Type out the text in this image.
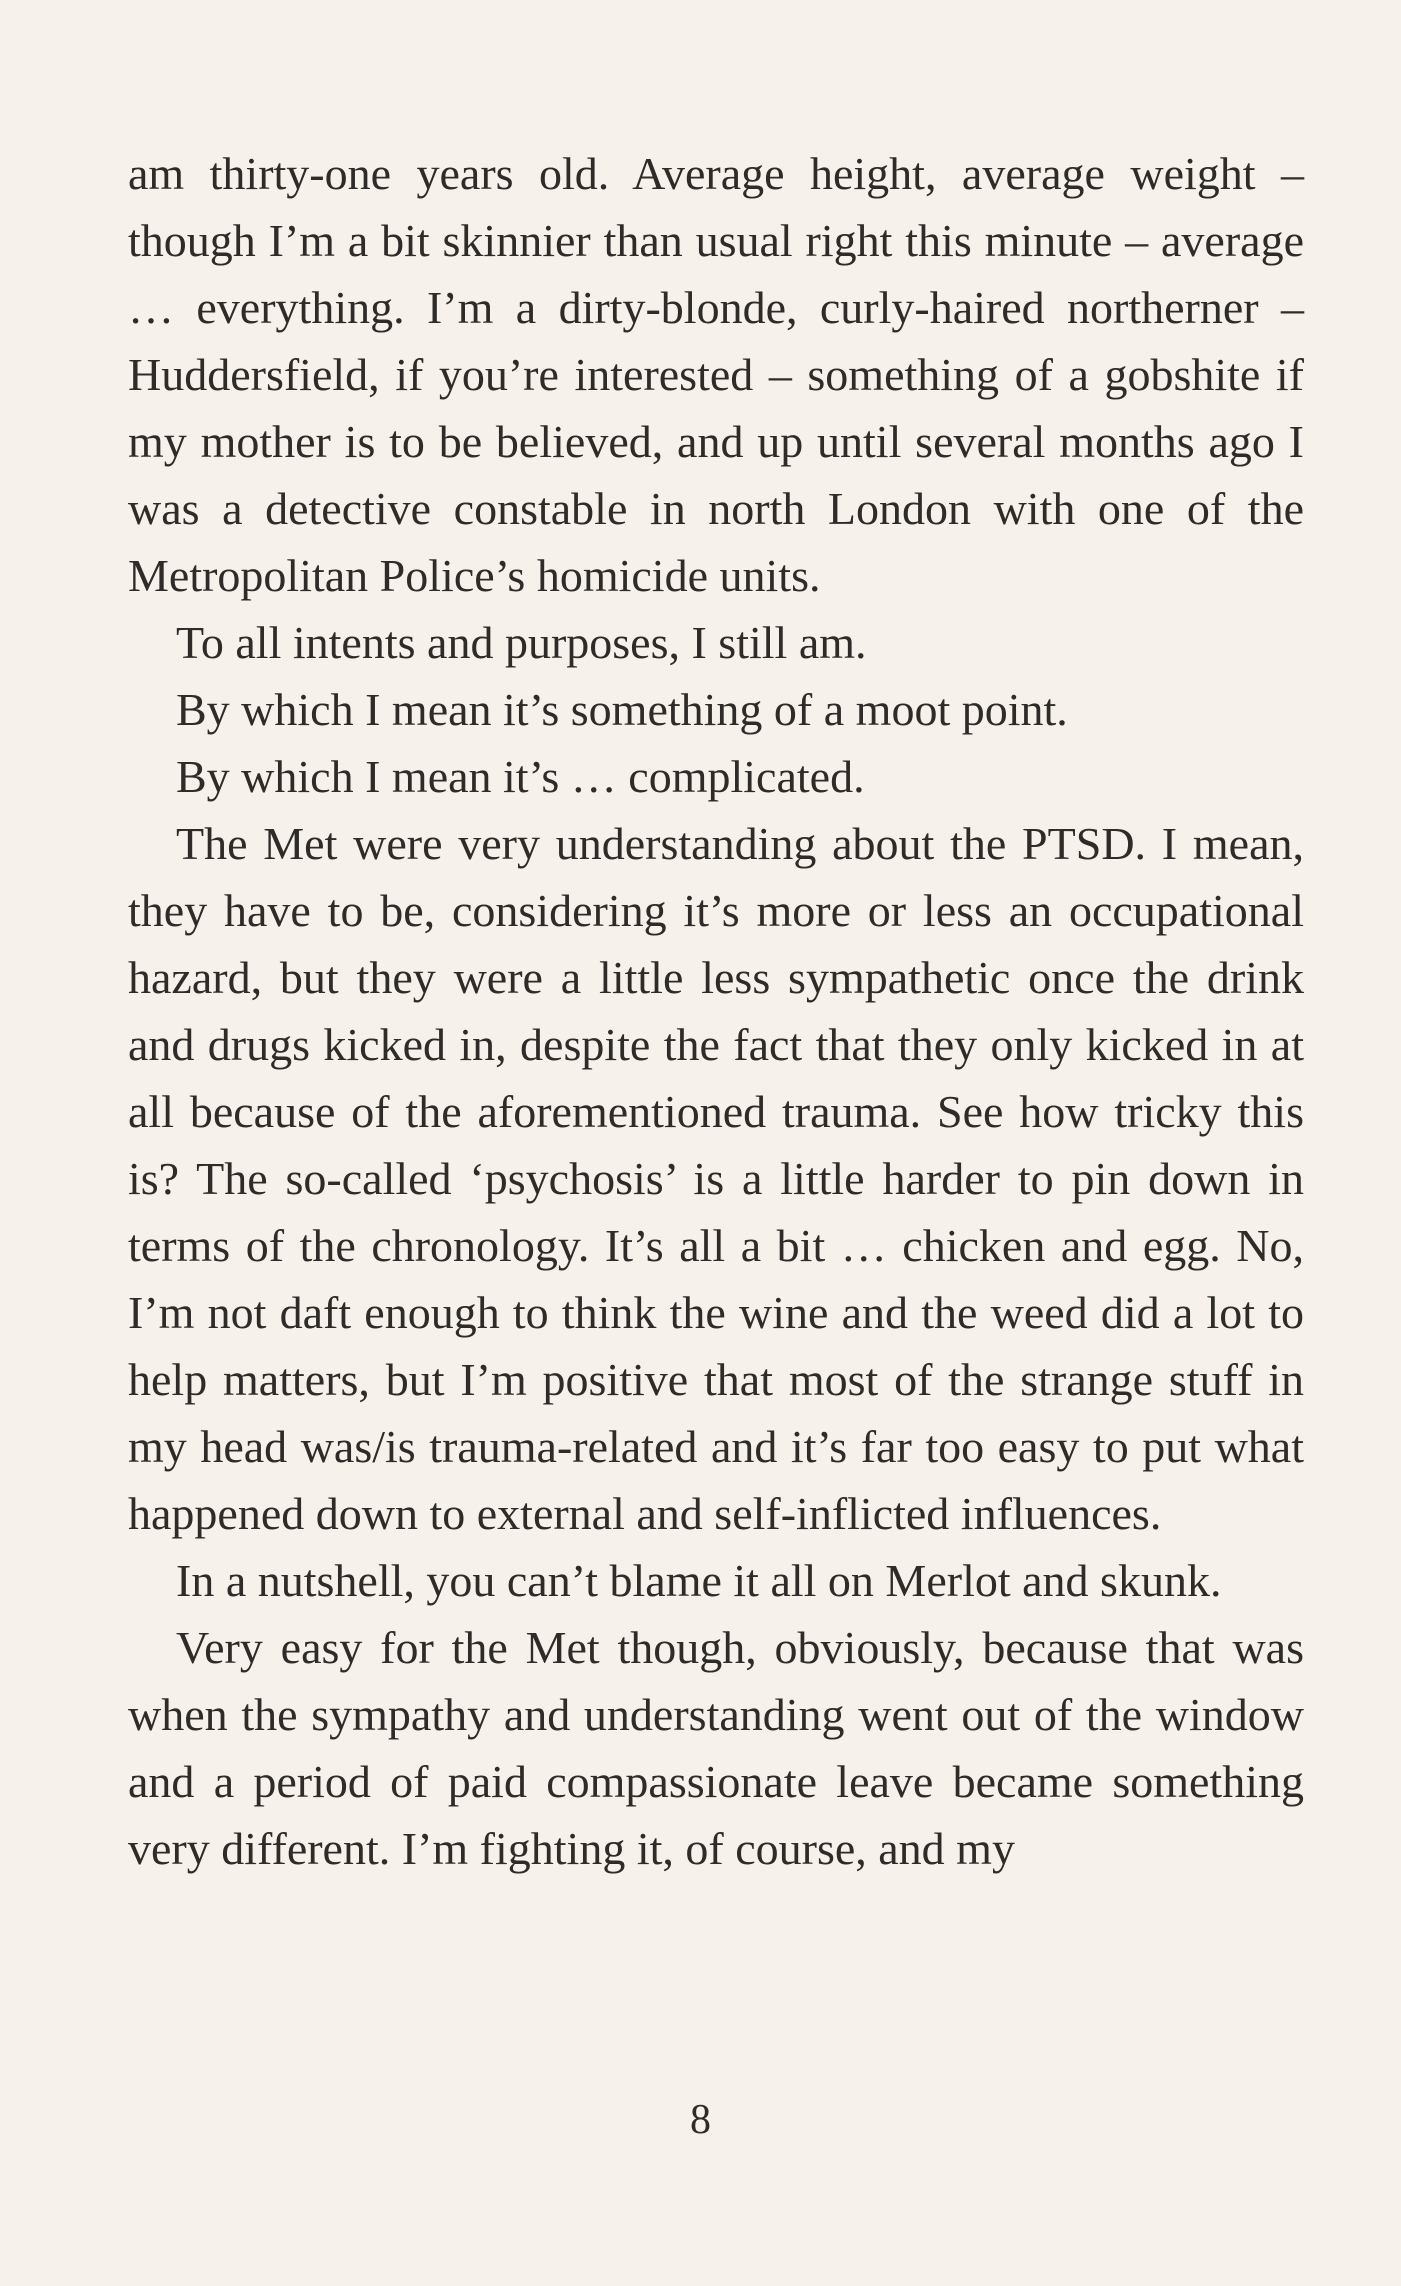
am thirty-one years old. Average height, average weight – though I’m a bit skinnier than usual right this minute – average … everything. I’m a dirty-blonde, curly-haired northerner – Huddersfield, if you’re interested – something of a gobshite if my mother is to be believed, and up until several months ago I was a detective constable in north London with one of the Metropolitan Police’s homicide units.

To all intents and purposes, I still am.

By which I mean it’s something of a moot point.

By which I mean it’s … complicated.

The Met were very understanding about the PTSD. I mean, they have to be, considering it’s more or less an occupational hazard, but they were a little less sympathetic once the drink and drugs kicked in, despite the fact that they only kicked in at all because of the aforementioned trauma. See how tricky this is? The so-called ‘psychosis’ is a little harder to pin down in terms of the chronology. It’s all a bit … chicken and egg. No, I’m not daft enough to think the wine and the weed did a lot to help matters, but I’m positive that most of the strange stuff in my head was/is trauma-related and it’s far too easy to put what happened down to external and self-inflicted influences.

In a nutshell, you can’t blame it all on Merlot and skunk.

Very easy for the Met though, obviously, because that was when the sympathy and understanding went out of the window and a period of paid compassionate leave became something very different. I’m fighting it, of course, and my

8
